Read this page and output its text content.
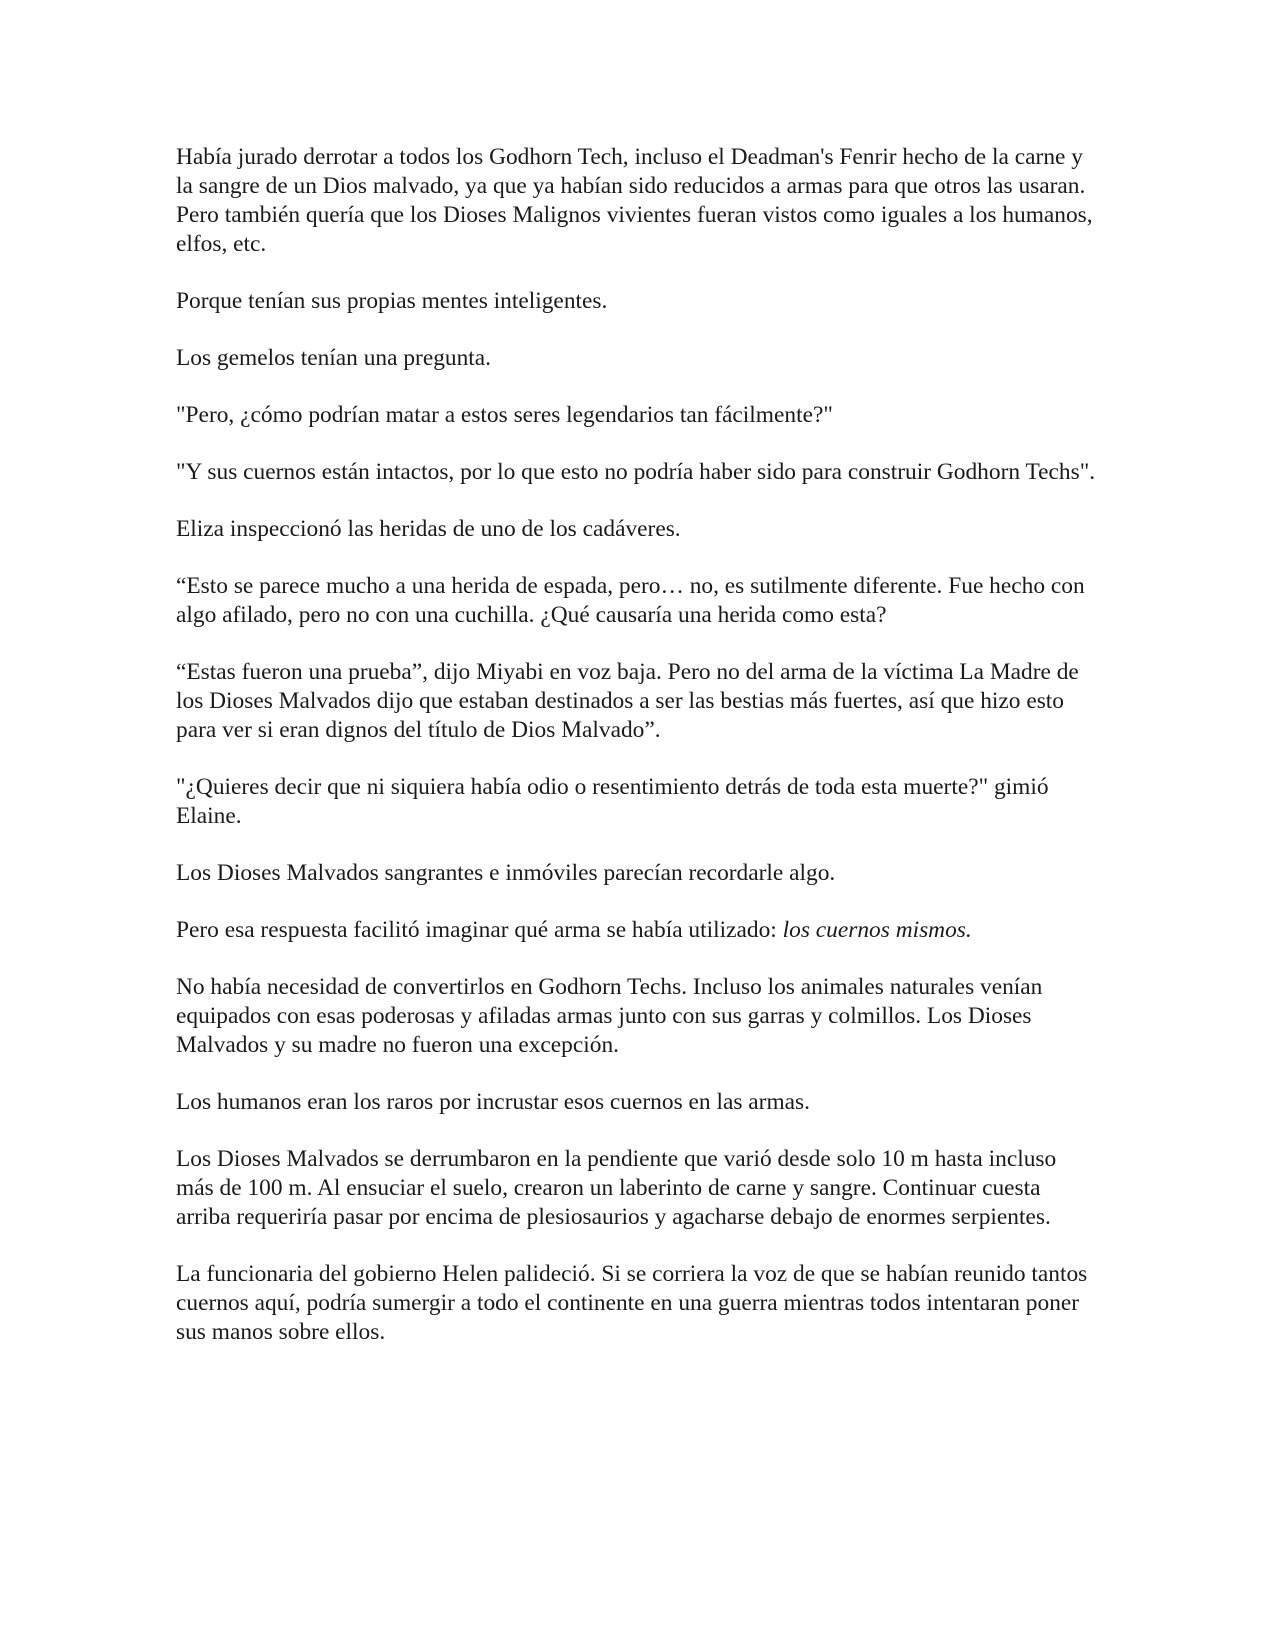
Había jurado derrotar a todos los Godhorn Tech, incluso el Deadman's Fenrir hecho de la carne y la sangre de un Dios malvado, ya que ya habían sido reducidos a armas para que otros las usaran. Pero también quería que los Dioses Malignos vivientes fueran vistos como iguales a los humanos, elfos, etc.

Porque tenían sus propias mentes inteligentes.

Los gemelos tenían una pregunta.

"Pero, ¿cómo podrían matar a estos seres legendarios tan fácilmente?"

"Y sus cuernos están intactos, por lo que esto no podría haber sido para construir Godhorn Techs".

Eliza inspeccionó las heridas de uno de los cadáveres.

“Esto se parece mucho a una herida de espada, pero… no, es sutilmente diferente. Fue hecho con algo afilado, pero no con una cuchilla. ¿Qué causaría una herida como esta?

“Estas fueron una prueba”, dijo Miyabi en voz baja. Pero no del arma de la víctima La Madre de los Dioses Malvados dijo que estaban destinados a ser las bestias más fuertes, así que hizo esto para ver si eran dignos del título de Dios Malvado”.

"¿Quieres decir que ni siquiera había odio o resentimiento detrás de toda esta muerte?" gimió Elaine.

Los Dioses Malvados sangrantes e inmóviles parecían recordarle algo.

Pero esa respuesta facilitó imaginar qué arma se había utilizado: los cuernos mismos.

No había necesidad de convertirlos en Godhorn Techs. Incluso los animales naturales venían equipados con esas poderosas y afiladas armas junto con sus garras y colmillos. Los Dioses Malvados y su madre no fueron una excepción.

Los humanos eran los raros por incrustar esos cuernos en las armas.

Los Dioses Malvados se derrumbaron en la pendiente que varió desde solo 10 m hasta incluso más de 100 m. Al ensuciar el suelo, crearon un laberinto de carne y sangre. Continuar cuesta arriba requeriría pasar por encima de plesiosaurios y agacharse debajo de enormes serpientes.

La funcionaria del gobierno Helen palideció. Si se corriera la voz de que se habían reunido tantos cuernos aquí, podría sumergir a todo el continente en una guerra mientras todos intentaran poner sus manos sobre ellos.
